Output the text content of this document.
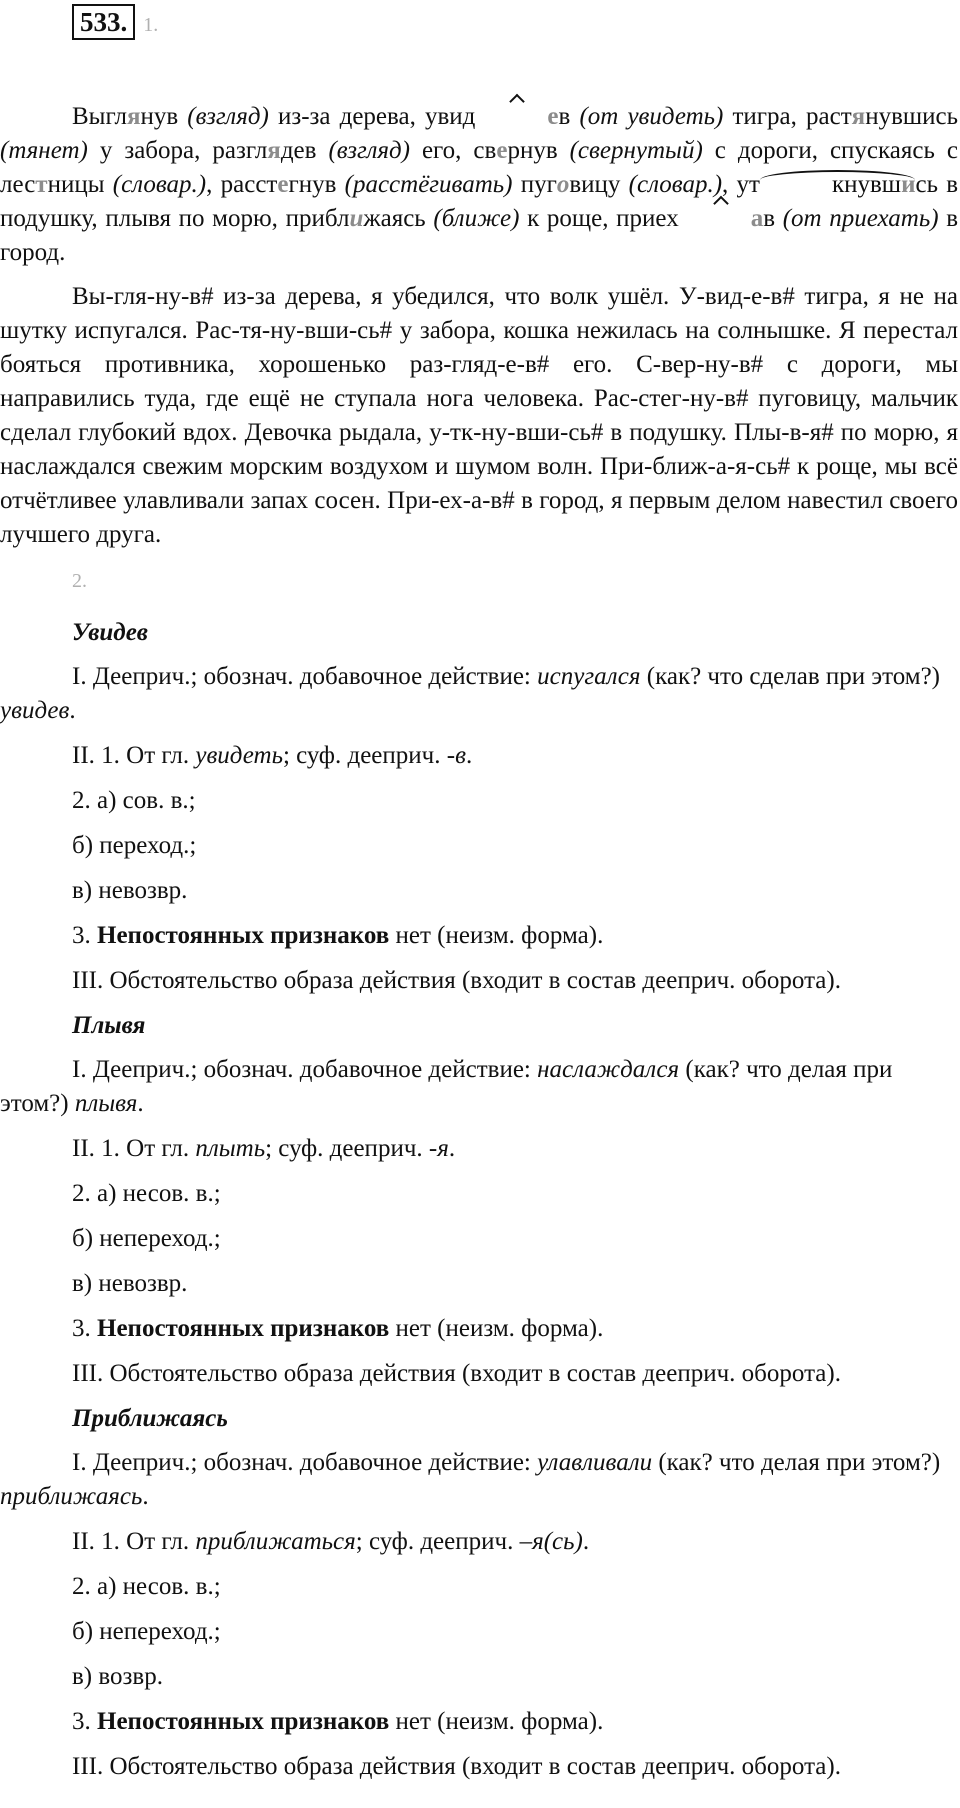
533. 1.

Выглянув (взгляд) из-за дерева, увид	ев (от увидеть) тигра, растянувшись (тянет) у забора, разглядев (взгляд) его, свернув (свернутый) с дороги, спускаясь с лестницы (словар.), расстегнув (расстёгивать) пуговицу (словар.), ут	кнувшись в подушку, плывя по морю, приближаясь (ближе) к роще, приех	ав (от приехать) в город.

Вы-гля-ну-в# из-за дерева, я убедился, что волк ушёл. У-вид-е-в# тигра, я не на шутку испугался. Рас-тя-ну-вши-сь# у забора, кошка нежилась на солнышке. Я перестал бояться противника, хорошенько раз-гляд-е-в# его. С-вер-ну-в# с дороги, мы направились туда, где ещё не ступала нога человека. Рас-стег-ну-в# пуговицу, мальчик сделал глубокий вдох. Девочка рыдала, у-тк-ну-вши-сь# в подушку. Плы-в-я# по морю, я наслаждался свежим морским воздухом и шумом волн. При-ближ-а-я-сь# к роще, мы всё отчётливее улавливали запах сосен. При-ех-а-в# в город, я первым делом навестил своего лучшего друга.

2.
Увидев
I. Дееприч.; обознач. добавочное действие: испугался (как? что сделав при этом?) увидев.
II. 1. От гл. увидеть; суф. дееприч. -в.
2. а) сов. в.;
б) переход.;
в) невозвр.
3. Непостоянных признаков нет (неизм. форма).
III. Обстоятельство образа действия (входит в состав дееприч. оборота).
Плывя
I. Дееприч.; обознач. добавочное действие: наслаждался (как? что делая при этом?) плывя.
II. 1. От гл. плыть; суф. дееприч. -я.
2. а) несов. в.;
б) непереход.;
в) невозвр.
3. Непостоянных признаков нет (неизм. форма).
III. Обстоятельство образа действия (входит в состав дееприч. оборота).
Приближаясь
I. Дееприч.; обознач. добавочное действие: улавливали (как? что делая при этом?) приближаясь.
II. 1. От гл. приближаться; суф. дееприч. –я(сь).
2. а) несов. в.;
б) непереход.;
в) возвр.
3. Непостоянных признаков нет (неизм. форма).
III. Обстоятельство образа действия (входит в состав дееприч. оборота).
